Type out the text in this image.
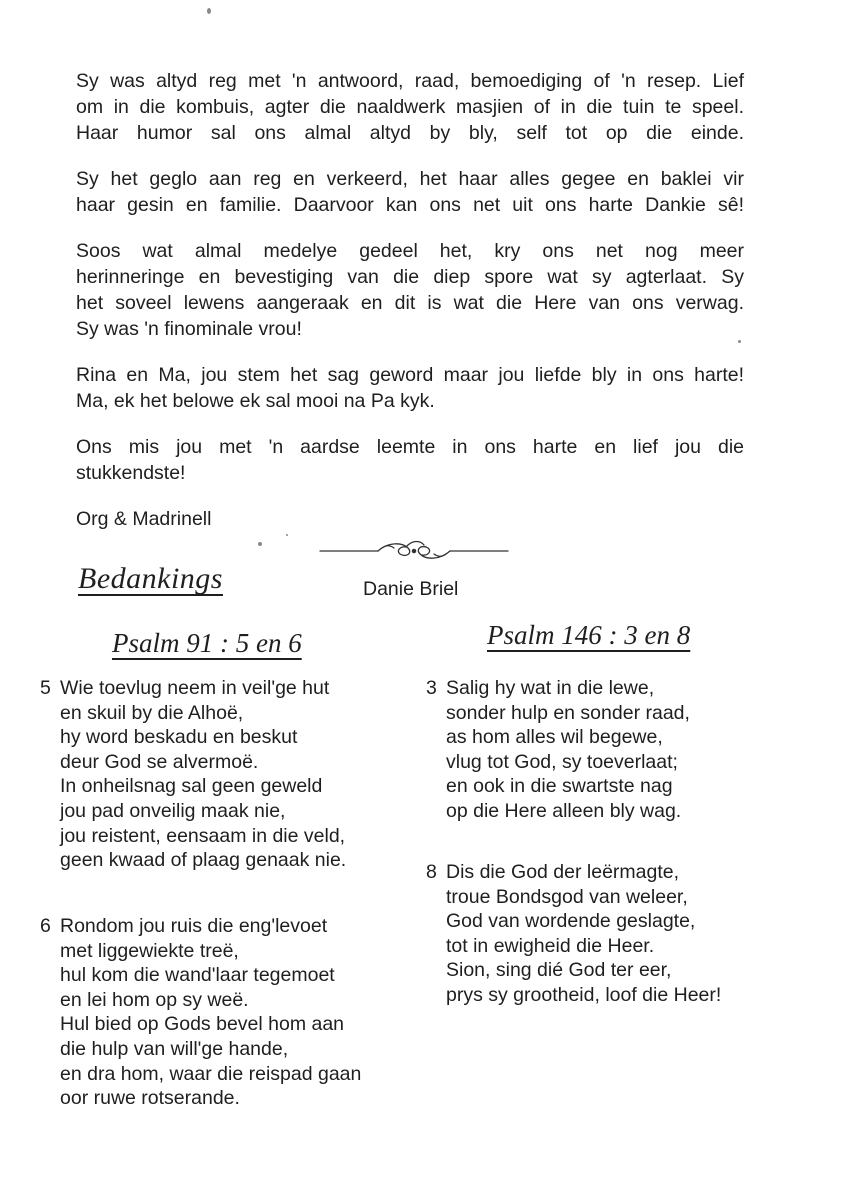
Sy was altyd reg met 'n antwoord, raad, bemoediging of 'n resep. Lief
om in die kombuis, agter die naaldwerk masjien of in die tuin te speel.
Haar humor sal ons almal altyd by bly, self tot op die einde.
Sy het geglo aan reg en verkeerd, het haar alles gegee en baklei vir
haar gesin en familie. Daarvoor kan ons net uit ons harte Dankie sê!
Soos wat almal medelye gedeel het, kry ons net nog meer
herinneringe en bevestiging van die diep spore wat sy agterlaat. Sy
het soveel lewens aangeraak en dit is wat die Here van ons verwag.
Sy was 'n finominale vrou!
Rina en Ma, jou stem het sag geword maar jou liefde bly in ons harte!
Ma, ek het belowe ek sal mooi na Pa kyk.
Ons mis jou met 'n aardse leemte in ons harte en lief jou die
stukkendste!
Org & Madrinell
Bedankings	Danie Briel
Psalm 91 : 5 en 6	Psalm 146 : 3 en 8
5 Wie toevlug neem in veil'ge hut
en skuil by die Alhoë,
hy word beskadu en beskut
deur God se alvermoë.
In onheilsnag sal geen geweld
jou pad onveilig maak nie,
jou reistent, eensaam in die veld,
geen kwaad of plaag genaak nie.
6 Rondom jou ruis die eng'levoet
met liggewiekte treë,
hul kom die wand'laar tegemoet
en lei hom op sy weë.
Hul bied op Gods bevel hom aan
die hulp van will'ge hande,
en dra hom, waar die reispad gaan
oor ruwe rotserande.
3 Salig hy wat in die lewe,
sonder hulp en sonder raad,
as hom alles wil begewe,
vlug tot God, sy toeverlaat;
en ook in die swartste nag
op die Here alleen bly wag.
8 Dis die God der leërmagte,
troue Bondsgod van weleer,
God van wordende geslagte,
tot in ewigheid die Heer.
Sion, sing dié God ter eer,
prys sy grootheid, loof die Heer!
